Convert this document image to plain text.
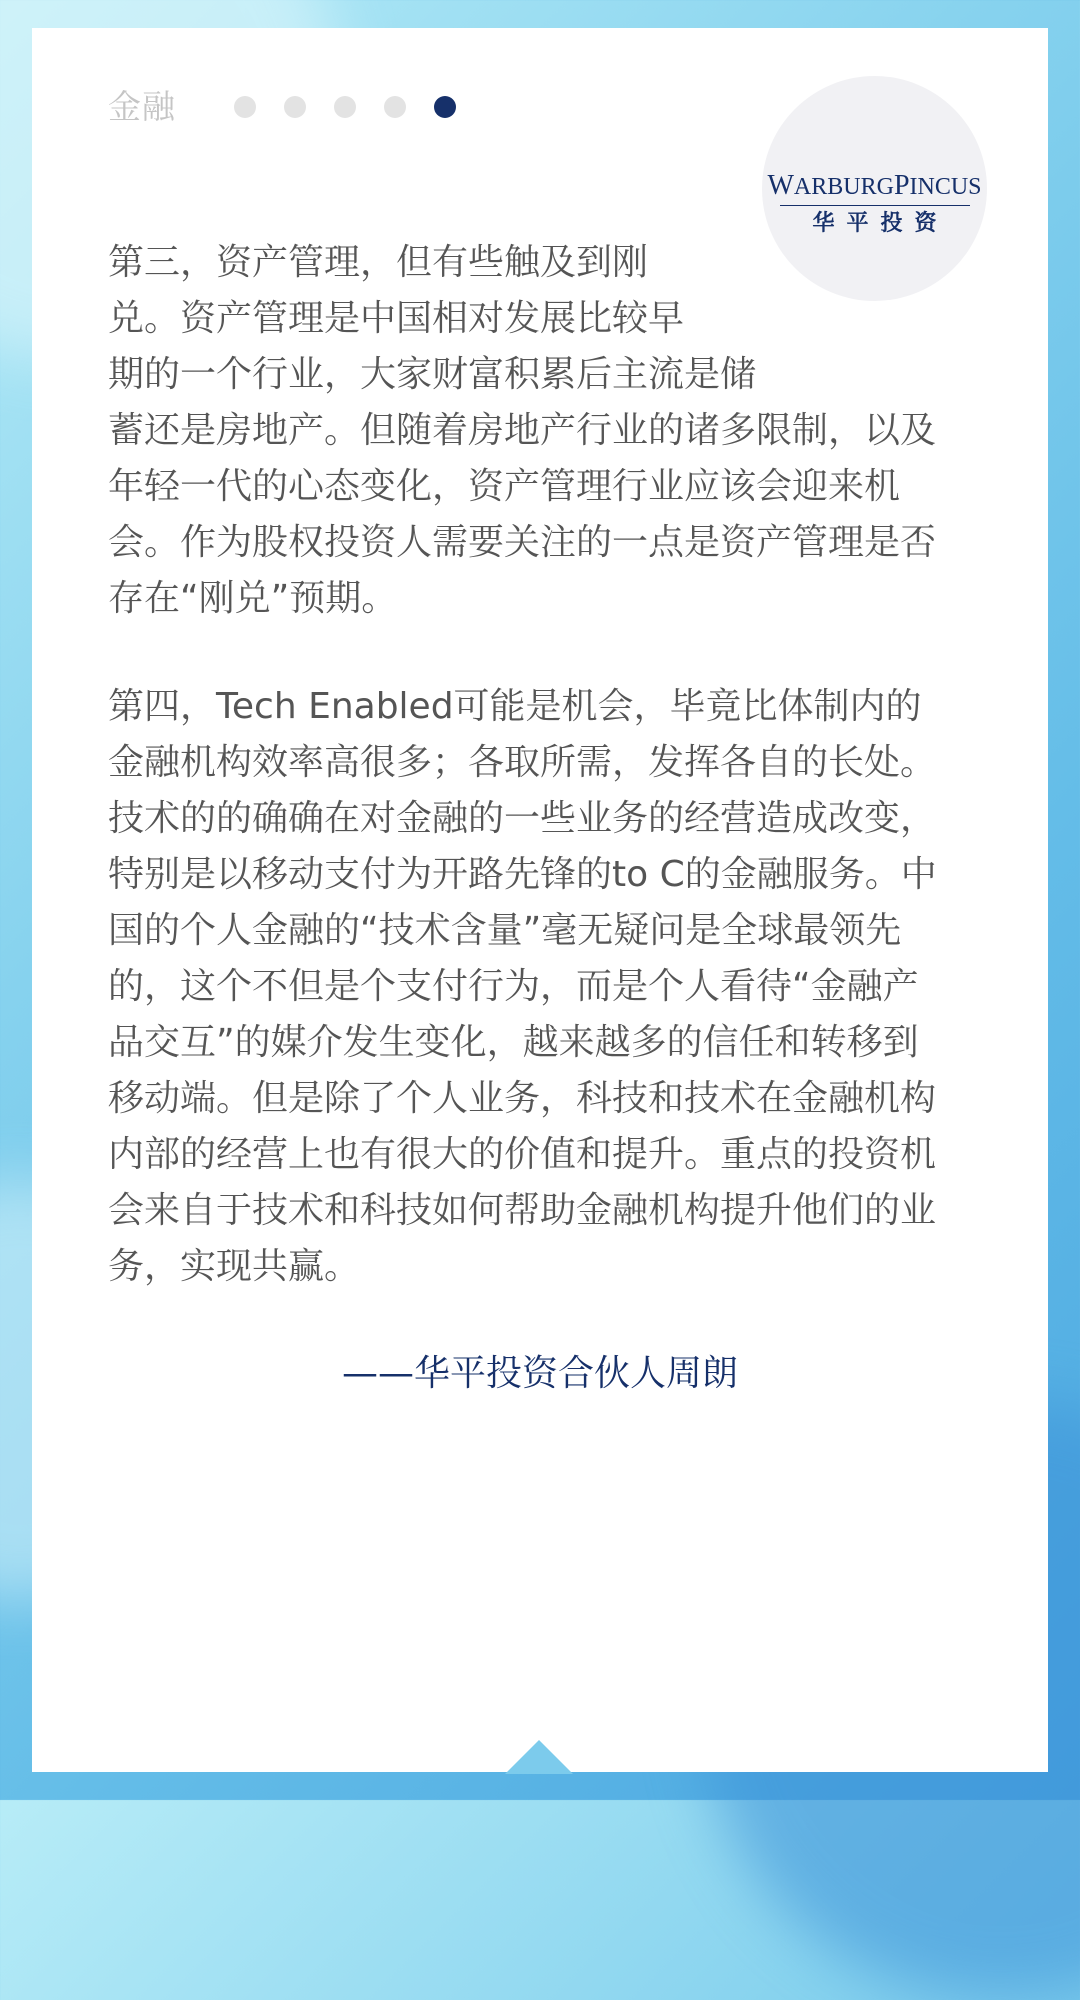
金融
WARBURGPINCUS
华平投资
第三，资产管理，但有些触及到刚
兑。资产管理是中国相对发展比较早
期的一个行业，大家财富积累后主流是储
蓄还是房地产。但随着房地产行业的诸多限制，以及
年轻一代的心态变化，资产管理行业应该会迎来机
会。作为股权投资人需要关注的一点是资产管理是否
存在“刚兑”预期。
第四，Tech Enabled可能是机会，毕竟比体制内的
金融机构效率高很多；各取所需，发挥各自的长处。
技术的的确确在对金融的一些业务的经营造成改变，
特别是以移动支付为开路先锋的to C的金融服务。中
国的个人金融的“技术含量”毫无疑问是全球最领先
的，这个不但是个支付行为，而是个人看待“金融产
品交互”的媒介发生变化，越来越多的信任和转移到
移动端。但是除了个人业务，科技和技术在金融机构
内部的经营上也有很大的价值和提升。重点的投资机
会来自于技术和科技如何帮助金融机构提升他们的业
务，实现共赢。
——华平投资合伙人周朗
